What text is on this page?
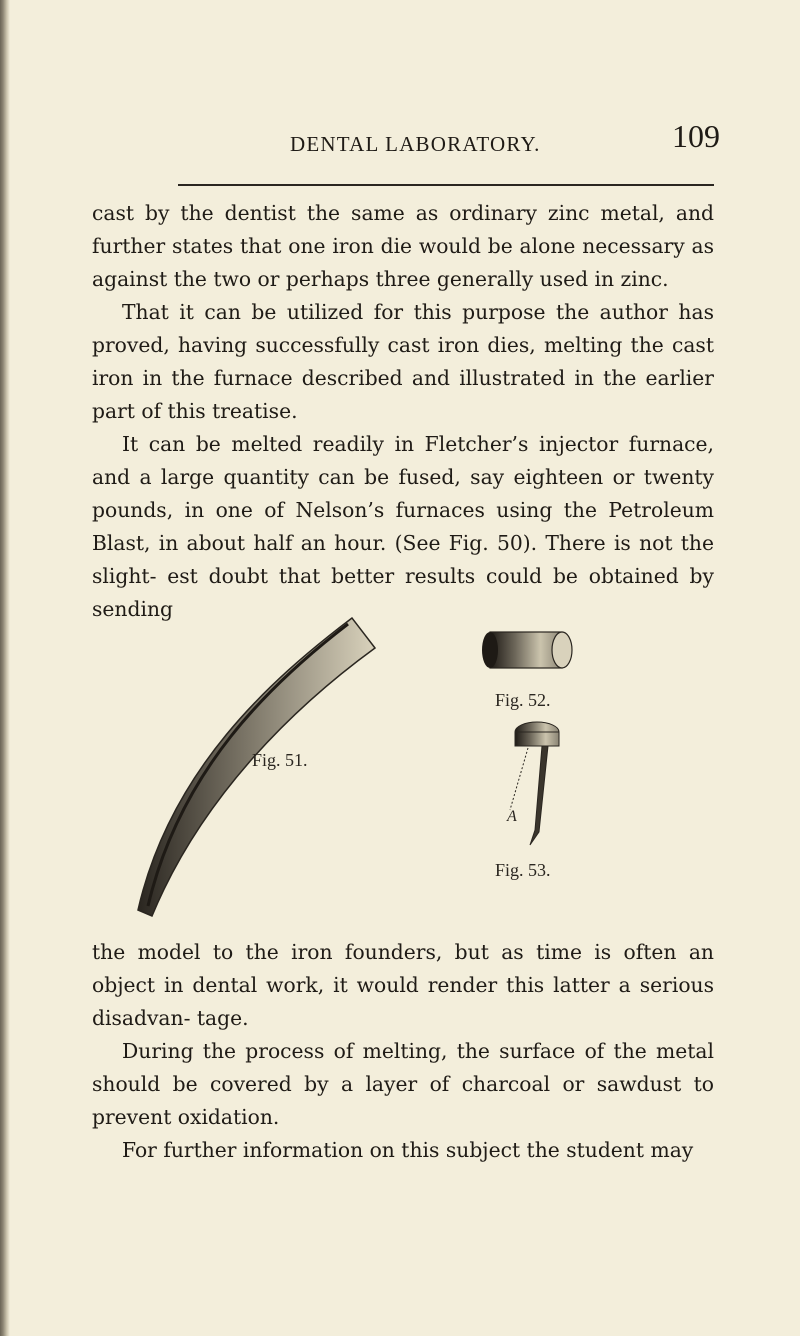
DENTAL LABORATORY.	109

cast by the dentist the same as ordinary zinc metal, and further states that one iron die would be alone necessary as against the two or perhaps three generally used in zinc.

That it can be utilized for this purpose the author has proved, having successfully cast iron dies, melting the cast iron in the furnace described and illustrated in the earlier part of this treatise.

It can be melted readily in Fletcher’s injector furnace, and a large quantity can be fused, say eighteen or twenty pounds, in one of Nelson’s furnaces using the Petroleum Blast, in about half an hour. (See Fig. 50). There is not the slight- est doubt that better results could be obtained by sending

Fig. 51.
Fig. 52.
A
Fig. 53.

the model to the iron founders, but as time is often an object in dental work, it would render this latter a serious disadvan- tage.

During the process of melting, the surface of the metal should be covered by a layer of charcoal or sawdust to prevent oxidation.

For further information on this subject the student may
